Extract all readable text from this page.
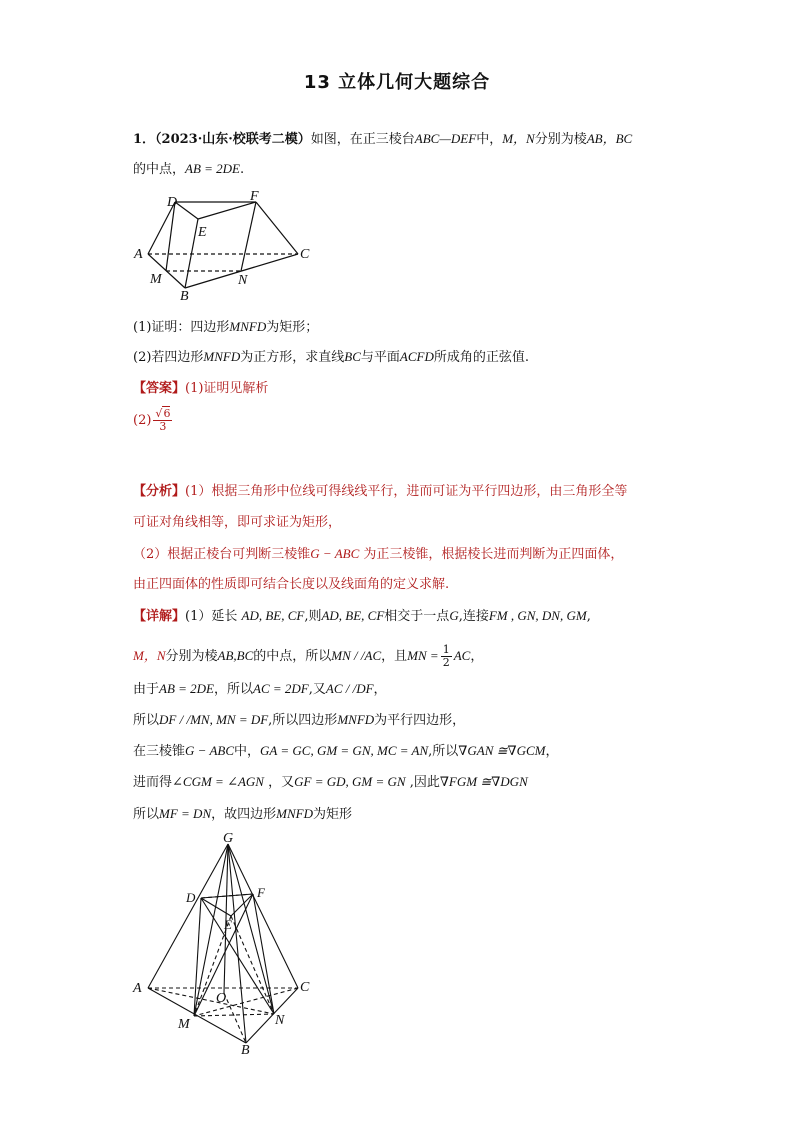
13 立体几何大题综合
1．（2023·山东·校联考二模）如图，在正三棱台ABC—DEF中，M，N分别为棱AB，BC
的中点，AB = 2DE.
A
D
E
F
C
M
B
N
(1)证明：四边形MNFD为矩形；
(2)若四边形MNFD为正方形，求直线BC与平面ACFD所成角的正弦值.
【答案】(1)证明见解析
$(2) \frac{√6}{3}$
【分析】(1）根据三角形中位线可得线线平行，进而可证为平行四边形，由三角形全等
可证对角线相等，即可求证为矩形，
（2）根据正棱台可判断三棱锥G − ABC 为正三棱锥，根据棱长进而判断为正四面体，
由正四面体的性质即可结合长度以及线面角的定义求解.
【详解】(1）延长 AD, BE, CF,则AD, BE, CF相交于一点G,连接FM , GN, DN, GM,
M，N分别为棱AB,BC的中点，所以MN / /AC，且MN = $\frac{1}{2}$ AC，
由于AB = 2DE，所以AC = 2DF,又AC / /DF，
所以DF / /MN, MN = DF,所以四边形MNFD为平行四边形，
在三棱锥G − ABC中，GA = GC, GM = GN, MC = AN,所以∇GAN ≅∇GCM，
进而得∠CGM = ∠AGN ，又GF = GD, GM = GN ,因此∇FGM ≅∇DGN
所以MF = DN，故四边形MNFD为矩形
G
D
E
F
A	C
O
M	N
B
